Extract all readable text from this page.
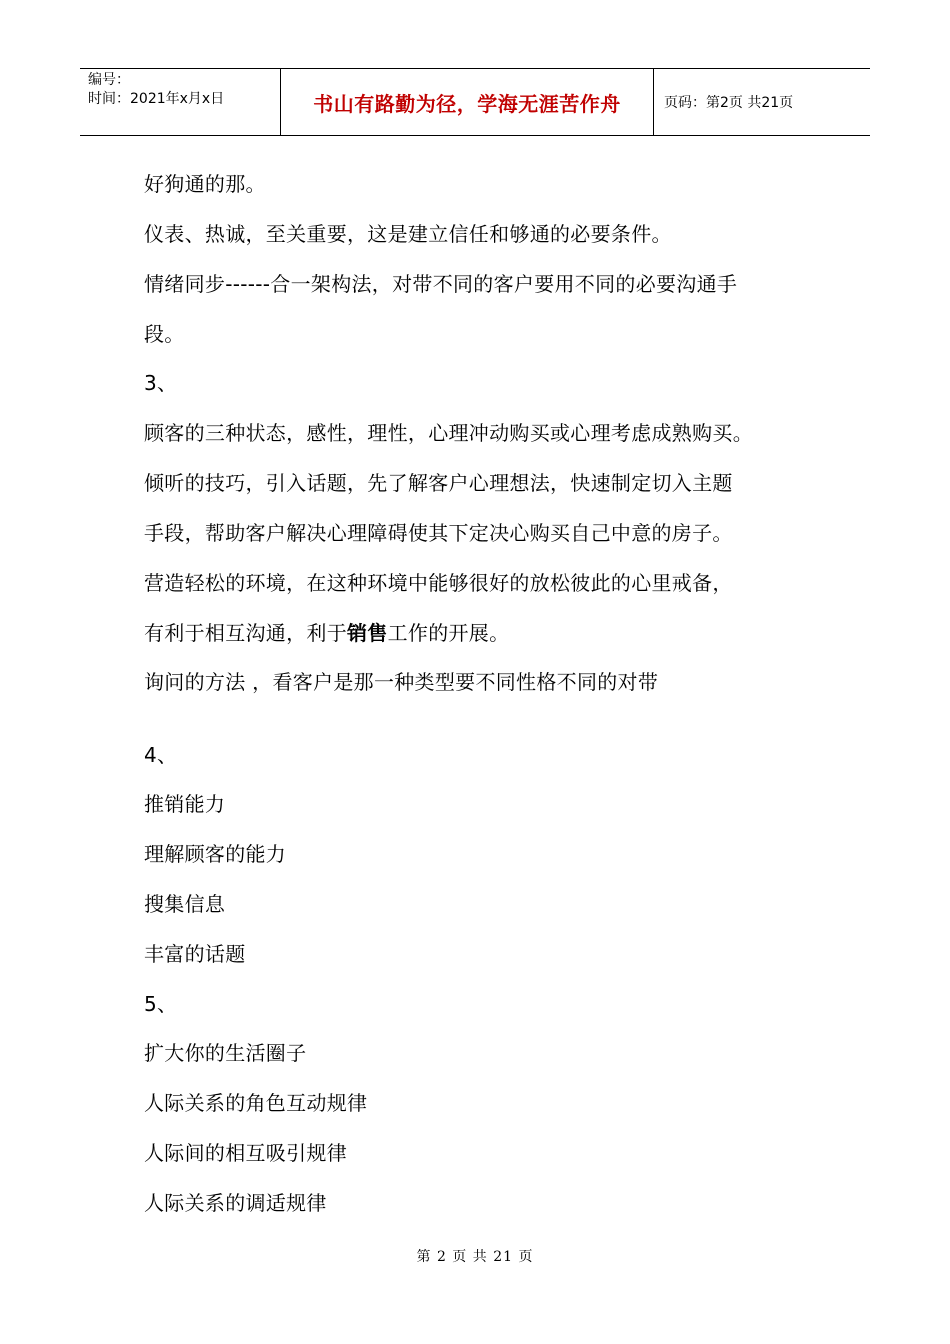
编号：
时间：2021年x月x日	书山有路勤为径，学海无涯苦作舟	页码：第2页 共21页
好狗通的那。
仪表、热诚，至关重要，这是建立信任和够通的必要条件。
情绪同步------合一架构法，对带不同的客户要用不同的必要沟通手
段。
3、
顾客的三种状态，感性，理性，心理冲动购买或心理考虑成熟购买。
倾听的技巧，引入话题，先了解客户心理想法，快速制定切入主题
手段，帮助客户解决心理障碍使其下定决心购买自己中意的房子。
营造轻松的环境，在这种环境中能够很好的放松彼此的心里戒备，
有利于相互沟通，利于销售工作的开展。
询问的方法 ，看客户是那一种类型要不同性格不同的对带
4、
推销能力
理解顾客的能力
搜集信息
丰富的话题
5、
扩大你的生活圈子
人际关系的角色互动规律
人际间的相互吸引规律
人际关系的调适规律
第 2 页 共 21 页
